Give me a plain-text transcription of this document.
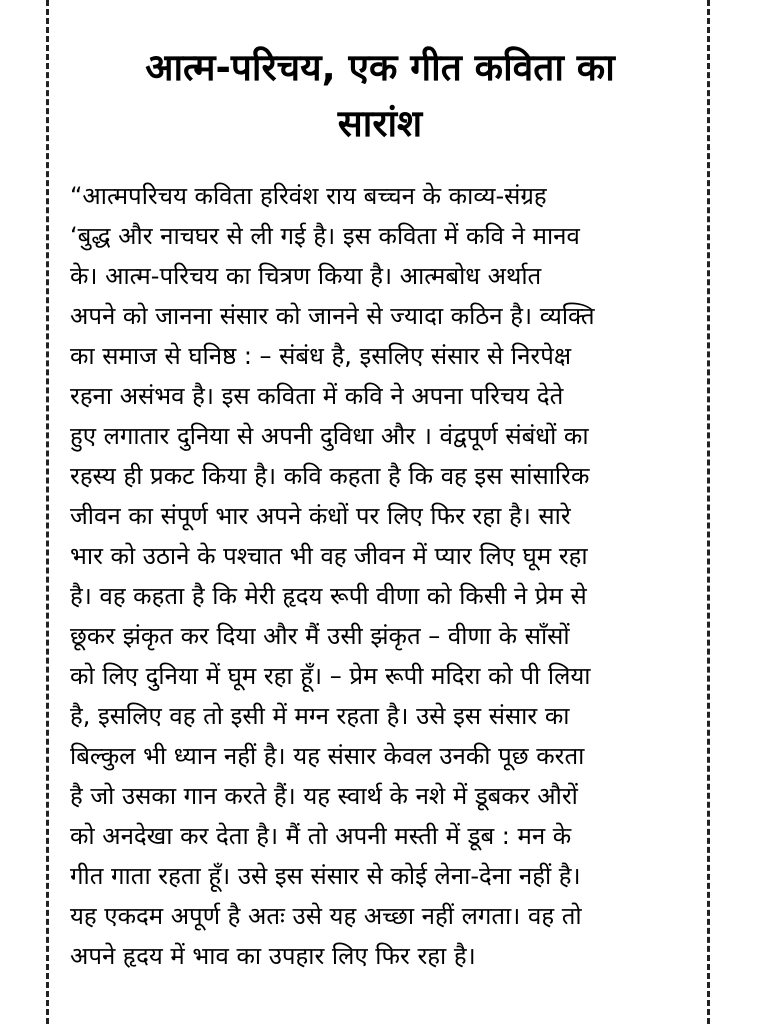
आत्म-परिचय, एक गीत कविता का
सारांश
“आत्मपरिचय कविता हरिवंश राय बच्चन के काव्य-संग्रह
‘बुद्ध और नाचघर से ली गई है। इस कविता में कवि ने मानव
के। आत्म-परिचय का चित्रण किया है। आत्मबोध अर्थात
अपने को जानना संसार को जानने से ज्यादा कठिन है। व्यक्ति
का समाज से घनिष्ठ : – संबंध है, इसलिए संसार से निरपेक्ष
रहना असंभव है। इस कविता में कवि ने अपना परिचय देते
हुए लगातार दुनिया से अपनी दुविधा और । वंद्वपूर्ण संबंधों का
रहस्य ही प्रकट किया है। कवि कहता है कि वह इस सांसारिक
जीवन का संपूर्ण भार अपने कंधों पर लिए फिर रहा है। सारे
भार को उठाने के पश्चात भी वह जीवन में प्यार लिए घूम रहा
है। वह कहता है कि मेरी हृदय रूपी वीणा को किसी ने प्रेम से
छूकर झंकृत कर दिया और मैं उसी झंकृत – वीणा के साँसों
को लिए दुनिया में घूम रहा हूँ। – प्रेम रूपी मदिरा को पी लिया
है, इसलिए वह तो इसी में मग्न रहता है। उसे इस संसार का
बिल्कुल भी ध्यान नहीं है। यह संसार केवल उनकी पूछ करता
है जो उसका गान करते हैं। यह स्वार्थ के नशे में डूबकर औरों
को अनदेखा कर देता है। मैं तो अपनी मस्ती में डूब : मन के
गीत गाता रहता हूँ। उसे इस संसार से कोई लेना-देना नहीं है।
यह एकदम अपूर्ण है अतः उसे यह अच्छा नहीं लगता। वह तो
अपने हृदय में भाव का उपहार लिए फिर रहा है।
